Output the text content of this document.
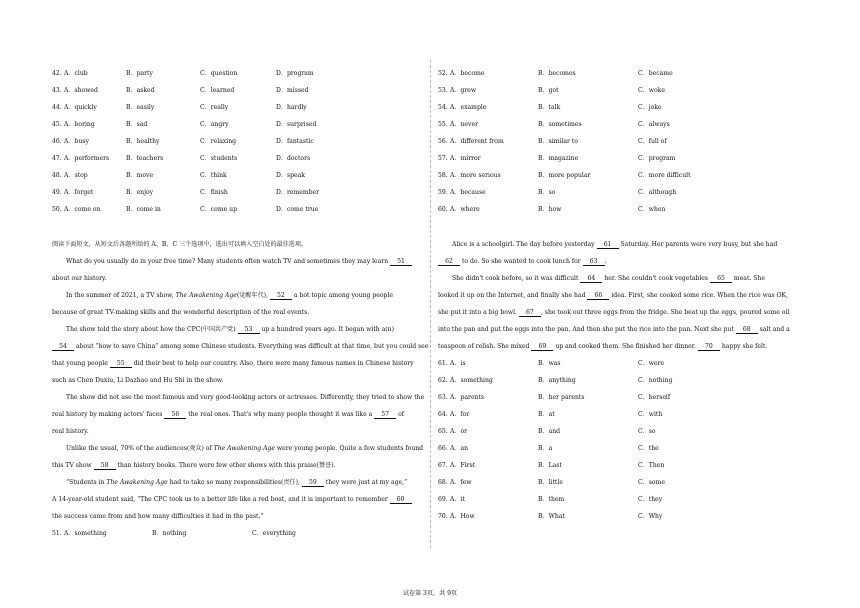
42. A．club	B．party	C．question	D．program
43. A．showed	B．asked	C．learned	D．missed
44. A．quickly	B．easily	C．really	D．hardly
45. A．boring	B．sad	C．angry	D．surprised
46. A．busy	B．healthy	C．relaxing	D．fantastic
47. A．performers	B．teachers	C．students	D．doctors
48. A．stop	B．move	C．think	D．speak
49. A．forget	B．enjoy	C．finish	D．remember
50. A．come on	B．come in	C．come up	D．come true
阅读下面短文，从短文后各题所给的 A、B、C 三个选项中，选出可以填入空白处的最佳选项。
What do you usually do in your free time? Many students often watch TV and sometimes they may learn 51
about our history.
In the summer of 2021, a TV show, The Awakening Age(觉醒年代), 52 a hot topic among young people
because of great TV-making skills and the wonderful description of the real events.
The show told the story about how the CPC(中国共产党) 53 up a hundred years ago. It began with a(n)
54 about “how to save China” among some Chinese students. Everything was difficult at that time, but you could see
that young people 55 did their best to help our country. Also, there were many famous names in Chinese history
such as Chen Duxiu, Li Dazhao and Hu Shi in the show.
The show did not use the most famous and very good-looking actors or actresses. Differently, they tried to show the
real history by making actors' faces 56 the real ones. That's why many people thought it was like a 57 of
real history.
Unlike the usual, 70% of the audiences(观众) of The Awakening Age were young people. Quite a few students found
this TV show 58 than history books. There were few other shows with this praise(赞誉).
“Students in The Awakening Age had to take so many responsibilities(责任), 59 they were just at my age,”
A 14-year-old student said, “The CPC took us to a better life like a red boat, and it is important to remember 60
the success came from and how many difficulties it had in the past.”
51. A．something	B．nothing	C．everything
52. A．become	B．becomes	C．became
53. A．grew	B．got	C．woke
54. A．example	B．talk	C．joke
55. A．never	B．sometimes	C．always
56. A．different from	B．similar to	C．full of
57. A．mirror	B．magazine	C．program
58. A．more serious	B．more popular	C．more difficult
59. A．because	B．so	C．although
60. A．where	B．how	C．when
Alice is a schoolgirl. The day before yesterday 61 Saturday. Her parents were very busy, but she had
62 to do. So she wanted to cook lunch for 63 .
She didn't cook before, so it was difficult 64 her. She couldn't cook vegetables 65 meat. She
looked it up on the Internet, and finally she had 66 idea. First, she cooked some rice. When the rice was OK,
she put it into a big bowl. 67 , she took out three eggs from the fridge. She beat up the eggs, poured some oil
into the pan and put the eggs into the pan. And then she put the rice into the pan. Next she put 68 salt and a
teaspoon of relish. She mixed 69 up and cooked them. She finished her dinner. 70 happy she felt.
61. A．is	B．was	C．were
62. A．something	B．anything	C．nothing
63. A．parents	B．her parents	C．herself
64. A．for	B．at	C．with
65. A．or	B．and	C．so
66. A．an	B．a	C．the
67. A．First	B．Last	C．Then
68. A．few	B．little	C．some
69. A．it	B．them	C．they
70. A．How	B．What	C．Why
试卷第 3页，共 9页
